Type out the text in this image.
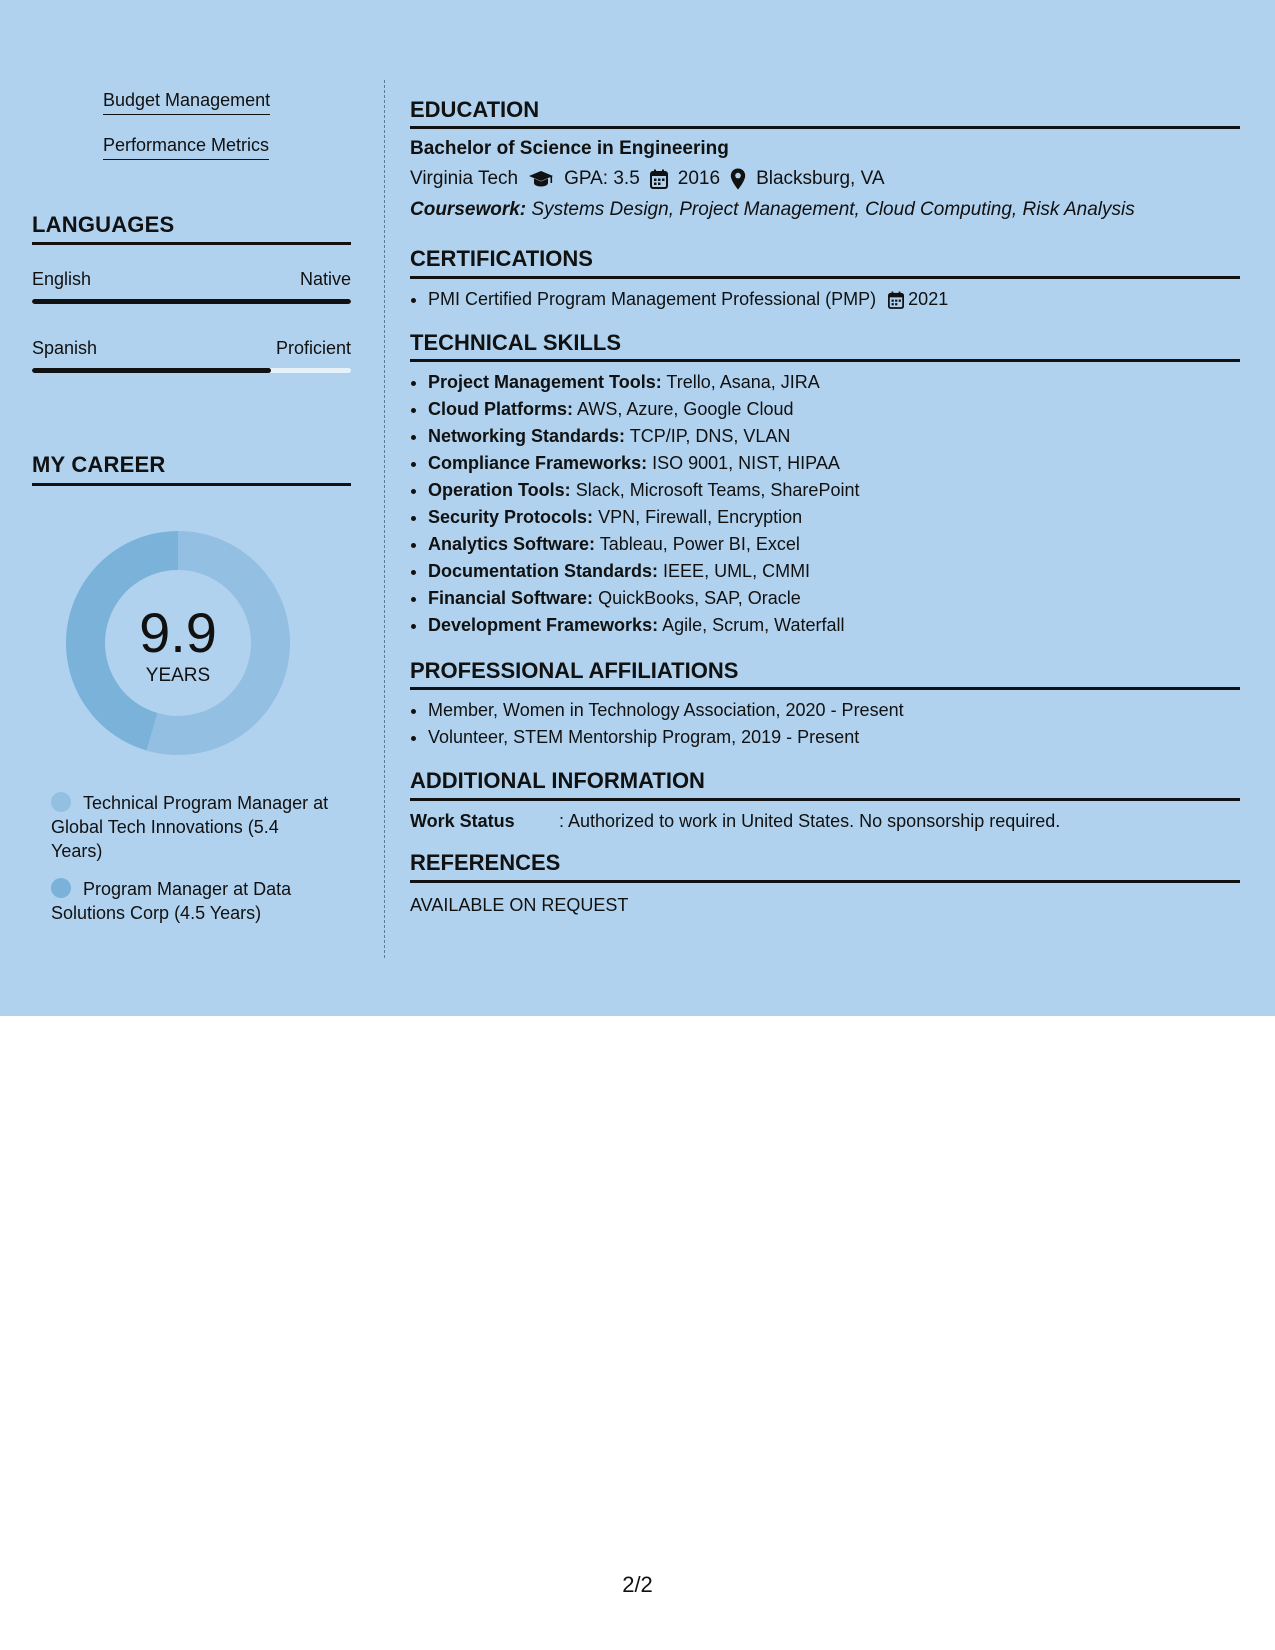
Budget Management
Performance Metrics
LANGUAGES
English	Native
Spanish	Proficient
MY CAREER
9.9
YEARS
Technical Program Manager at Global Tech Innovations (5.4 Years)
Program Manager at Data Solutions Corp (4.5 Years)
EDUCATION
Bachelor of Science in Engineering
Virginia Tech GPA: 3.5 2016 Blacksburg, VA
Coursework: Systems Design, Project Management, Cloud Computing, Risk Analysis
CERTIFICATIONS
• PMI Certified Program Management Professional (PMP) 2021
TECHNICAL SKILLS
• Project Management Tools: Trello, Asana, JIRA
• Cloud Platforms: AWS, Azure, Google Cloud
• Networking Standards: TCP/IP, DNS, VLAN
• Compliance Frameworks: ISO 9001, NIST, HIPAA
• Operation Tools: Slack, Microsoft Teams, SharePoint
• Security Protocols: VPN, Firewall, Encryption
• Analytics Software: Tableau, Power BI, Excel
• Documentation Standards: IEEE, UML, CMMI
• Financial Software: QuickBooks, SAP, Oracle
• Development Frameworks: Agile, Scrum, Waterfall
PROFESSIONAL AFFILIATIONS
• Member, Women in Technology Association, 2020 - Present
• Volunteer, STEM Mentorship Program, 2019 - Present
ADDITIONAL INFORMATION
Work Status : Authorized to work in United States. No sponsorship required.
REFERENCES
AVAILABLE ON REQUEST
2/2
